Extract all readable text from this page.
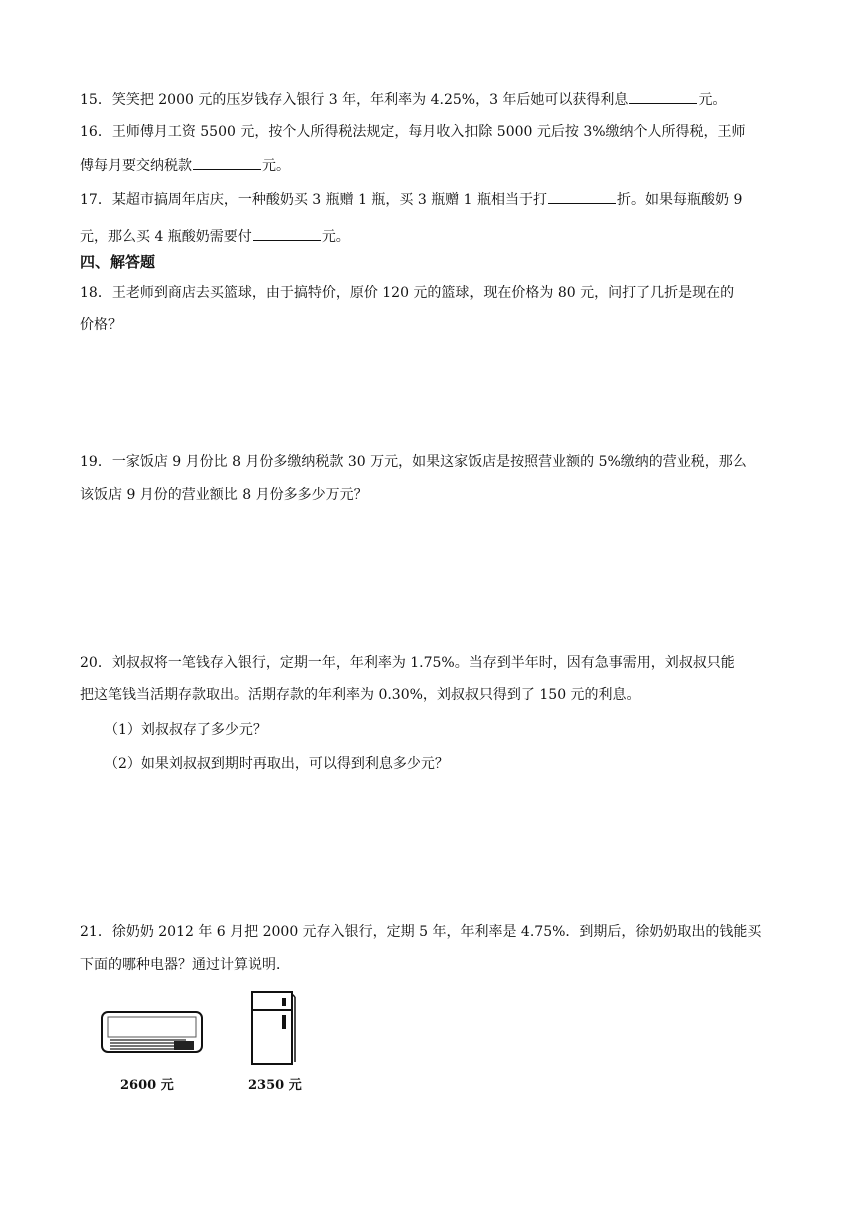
15．笑笑把 2000 元的压岁钱存入银行 3 年，年利率为 4.25%，3 年后她可以获得利息	元。
16．王师傅月工资 5500 元，按个人所得税法规定，每月收入扣除 5000 元后按 3%缴纳个人所得税，王师
傅每月要交纳税款	元。
17．某超市搞周年店庆，一种酸奶买 3 瓶赠 1 瓶，买 3 瓶赠 1 瓶相当于打	折。如果每瓶酸奶 9
元，那么买 4 瓶酸奶需要付	元。
四、解答题
18．王老师到商店去买篮球，由于搞特价，原价 120 元的篮球，现在价格为 80 元，问打了几折是现在的
价格？
19．一家饭店 9 月份比 8 月份多缴纳税款 30 万元，如果这家饭店是按照营业额的 5%缴纳的营业税，那么
该饭店 9 月份的营业额比 8 月份多多少万元？
20．刘叔叔将一笔钱存入银行，定期一年，年利率为 1.75%。当存到半年时，因有急事需用，刘叔叔只能
把这笔钱当活期存款取出。活期存款的年利率为 0.30%，刘叔叔只得到了 150 元的利息。
（1）刘叔叔存了多少元？
（2）如果刘叔叔到期时再取出，可以得到利息多少元？
21．徐奶奶 2012 年 6 月把 2000 元存入银行，定期 5 年，年利率是 4.75%．到期后，徐奶奶取出的钱能买
下面的哪种电器？通过计算说明．
2600 元	2350 元
